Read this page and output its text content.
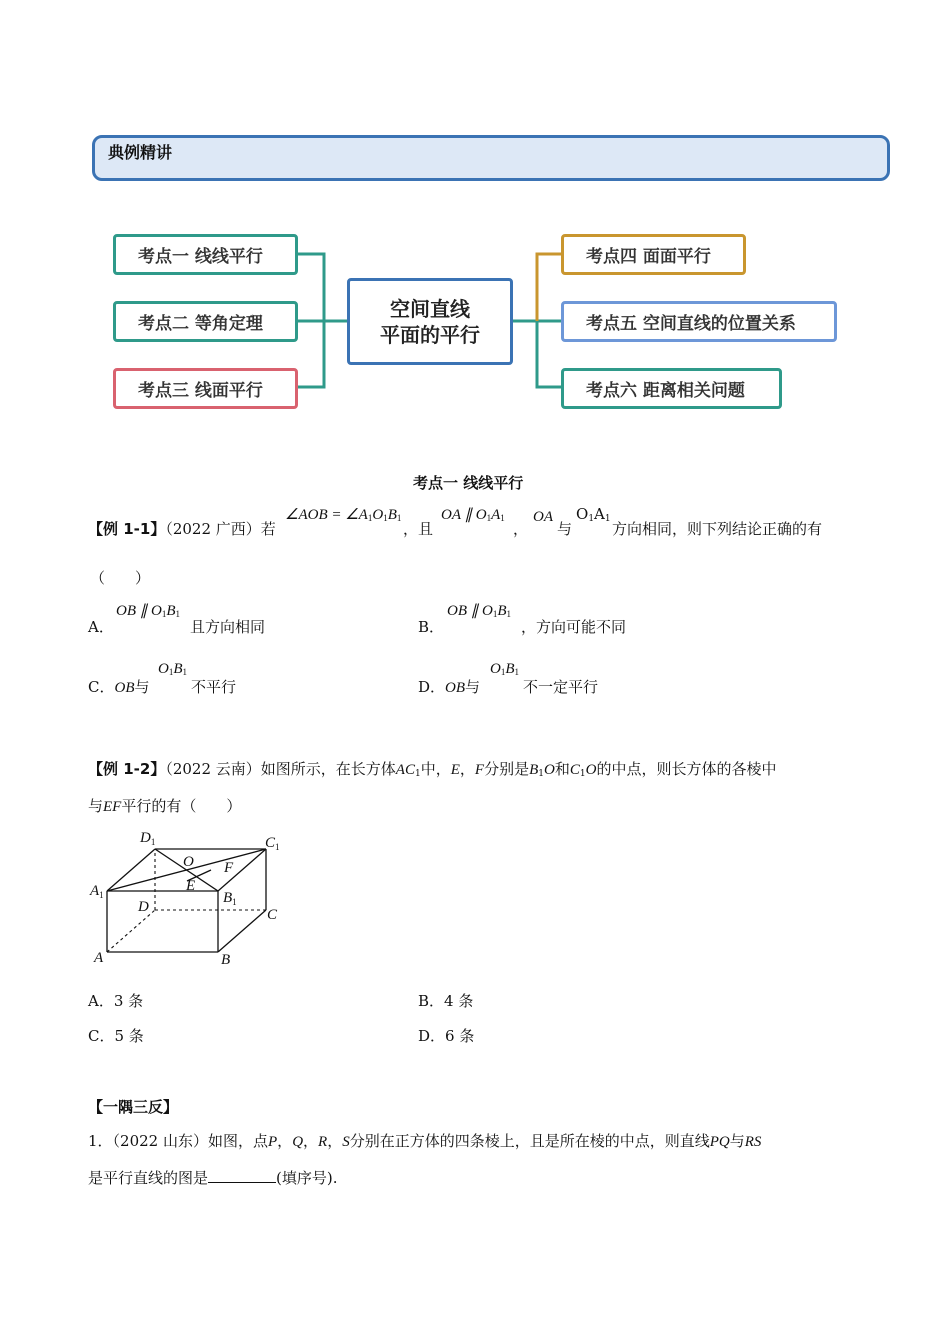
典例精讲
考点一 线线平行
考点二 等角定理
考点三 线面平行
空间直线
平面的平行
考点四 面面平行
考点五 空间直线的位置关系
考点六 距离相关问题
考点一 线线平行
【例 1-1】（2022 广西）若
∠AOB = $\angle A_1O_1B_1$
，且
OA ∥ $O_1A_1$
，
OA
与
$O_1A_1$
方向相同，则下列结论正确的有
（　　）
A．
OB ∥ $O_1B_1$
且方向相同	B．
OB ∥ $O_1B_1$
，方向可能不同
C．OB与
$O_1B_1$
不平行	D．OB与
$O_1B_1$
不一定平行
【例 1-2】（2022 云南）如图所示，在长方体$AC_1$中，E，F分别是$B_1O$和$C_1O$的中点，则长方体的各棱中
与EF平行的有（　　）
$D_1$	$C_1$
$A_1$
O F
E
$B_1$
D	C
A	B
A．3 条	B．4 条
C．5 条	D．6 条
【一隅三反】
1．（2022 山东）如图，点P，Q，R，S分别在正方体的四条棱上，且是所在棱的中点，则直线PQ与RS
是平行直线的图是	(填序号).
